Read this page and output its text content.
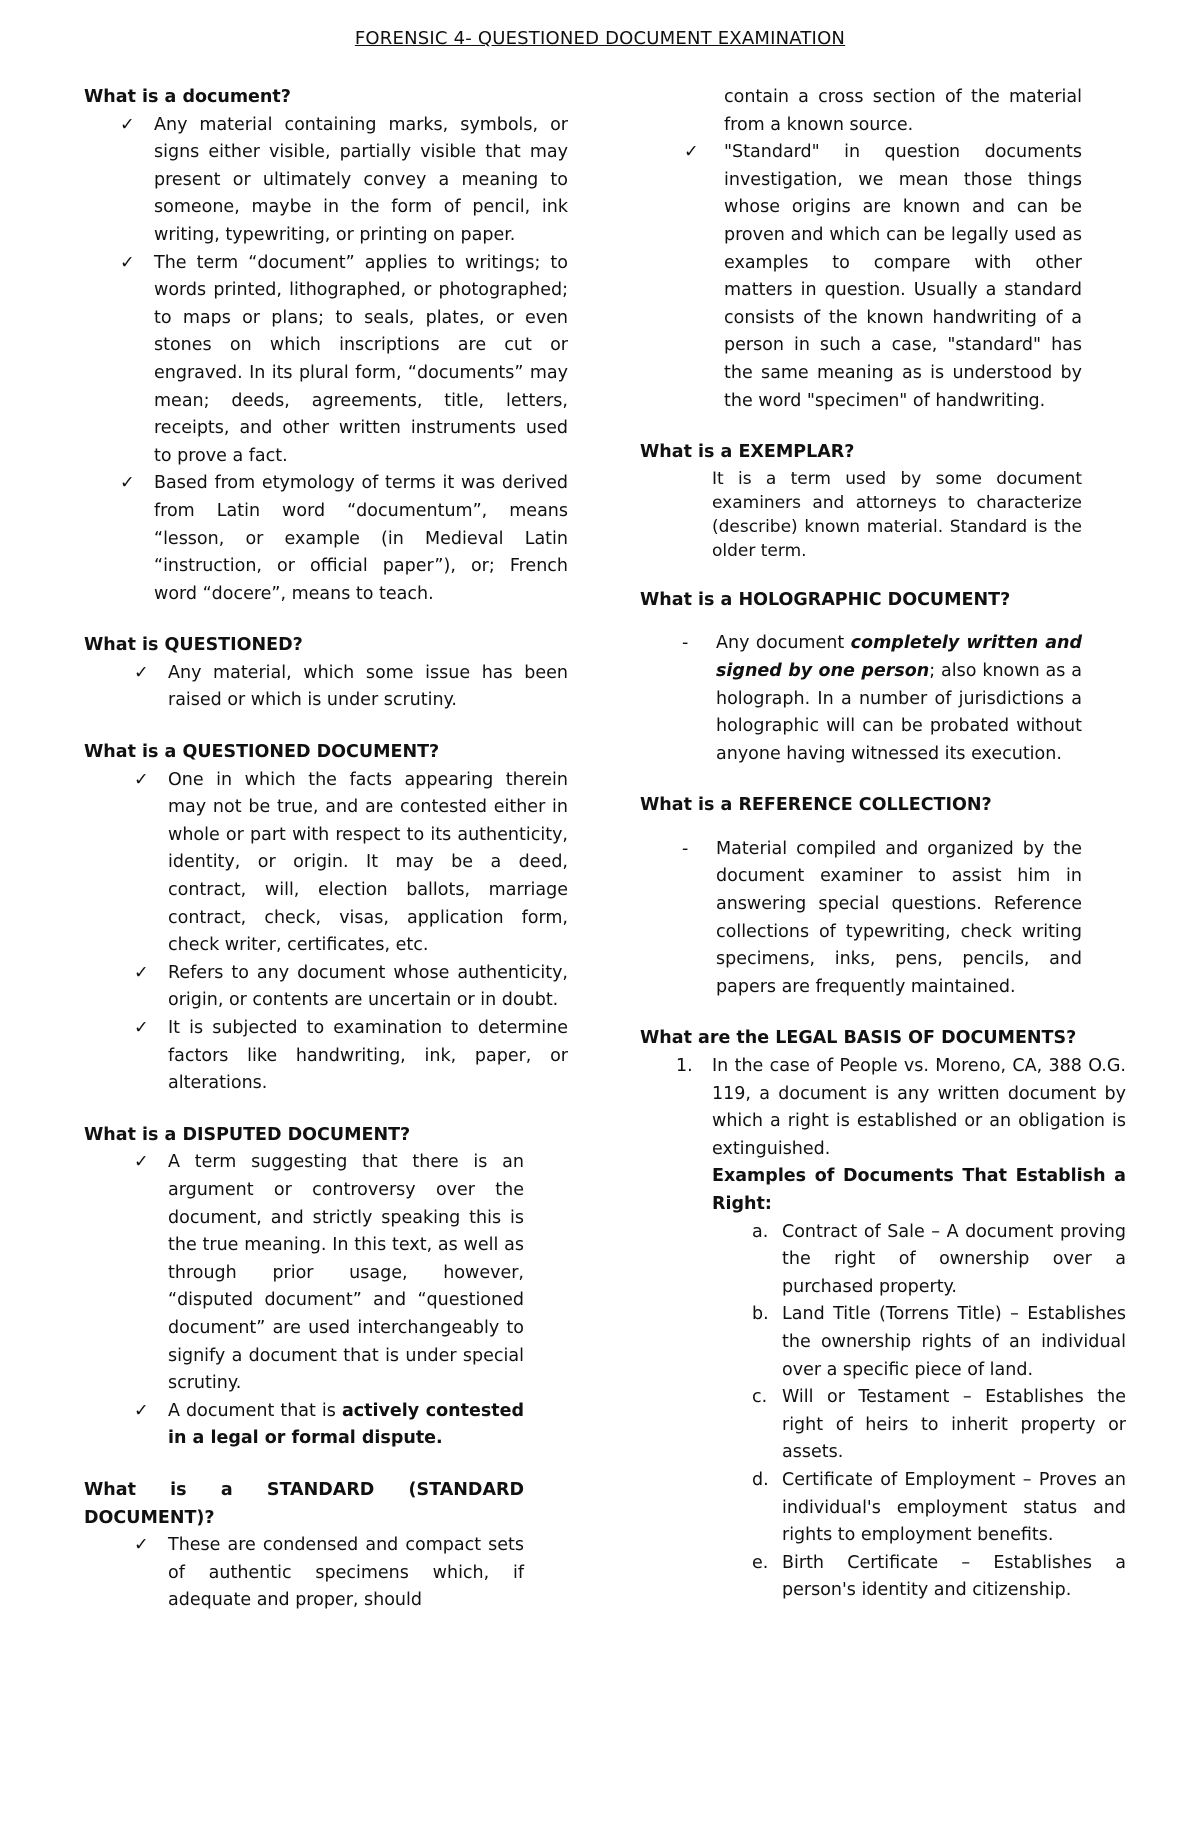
FORENSIC 4- QUESTIONED DOCUMENT EXAMINATION
What is a document?

✓ Any material containing marks, symbols, or signs either visible, partially visible that may present or ultimately convey a meaning to someone, maybe in the form of pencil, ink writing, typewriting, or printing on paper.

✓ The term “document” applies to writings; to words printed, lithographed, or photographed; to maps or plans; to seals, plates, or even stones on which inscriptions are cut or engraved. In its plural form, “documents” may mean; deeds, agreements, title, letters, receipts, and other written instruments used to prove a fact.

✓ Based from etymology of terms it was derived from Latin word “documentum”, means “lesson, or example (in Medieval Latin “instruction, or official paper”), or; French word “docere”, means to teach.

What is QUESTIONED?

✓ Any material, which some issue has been raised or which is under scrutiny.

What is a QUESTIONED DOCUMENT?

✓ One in which the facts appearing therein may not be true, and are contested either in whole or part with respect to its authenticity, identity, or origin. It may be a deed, contract, will, election ballots, marriage contract, check, visas, application form, check writer, certificates, etc.

✓ Refers to any document whose authenticity, origin, or contents are uncertain or in doubt.

✓ It is subjected to examination to determine factors like handwriting, ink, paper, or alterations.

What is a DISPUTED DOCUMENT?

✓ A term suggesting that there is an argument or controversy over the document, and strictly speaking this is the true meaning. In this text, as well as through prior usage, however, “disputed document” and “questioned document” are used interchangeably to signify a document that is under special scrutiny.

✓ A document that is actively contested in a legal or formal dispute.

What is a STANDARD (STANDARD DOCUMENT)?

✓ These are condensed and compact sets of authentic specimens which, if adequate and proper, should

contain a cross section of the material from a known source.

✓ "Standard" in question documents investigation, we mean those things whose origins are known and can be proven and which can be legally used as examples to compare with other matters in question. Usually a standard consists of the known handwriting of a person in such a case, "standard" has the same meaning as is understood by the word "specimen" of handwriting.

What is a EXEMPLAR?

It is a term used by some document examiners and attorneys to characterize (describe) known material. Standard is the older term.

What is a HOLOGRAPHIC DOCUMENT?

- Any document completely written and signed by one person; also known as a holograph. In a number of jurisdictions a holographic will can be probated without anyone having witnessed its execution.

What is a REFERENCE COLLECTION?

- Material compiled and organized by the document examiner to assist him in answering special questions. Reference collections of typewriting, check writing specimens, inks, pens, pencils, and papers are frequently maintained.

What are the LEGAL BASIS OF DOCUMENTS?

1. In the case of People vs. Moreno, CA, 388 O.G. 119, a document is any written document by which a right is established or an obligation is extinguished.

Examples of Documents That Establish a Right:

a. Contract of Sale – A document proving the right of ownership over a purchased property.

b. Land Title (Torrens Title) – Establishes the ownership rights of an individual over a specific piece of land.

c. Will or Testament – Establishes the right of heirs to inherit property or assets.

d. Certificate of Employment – Proves an individual's employment status and rights to employment benefits.

e. Birth Certificate – Establishes a person's identity and citizenship.
